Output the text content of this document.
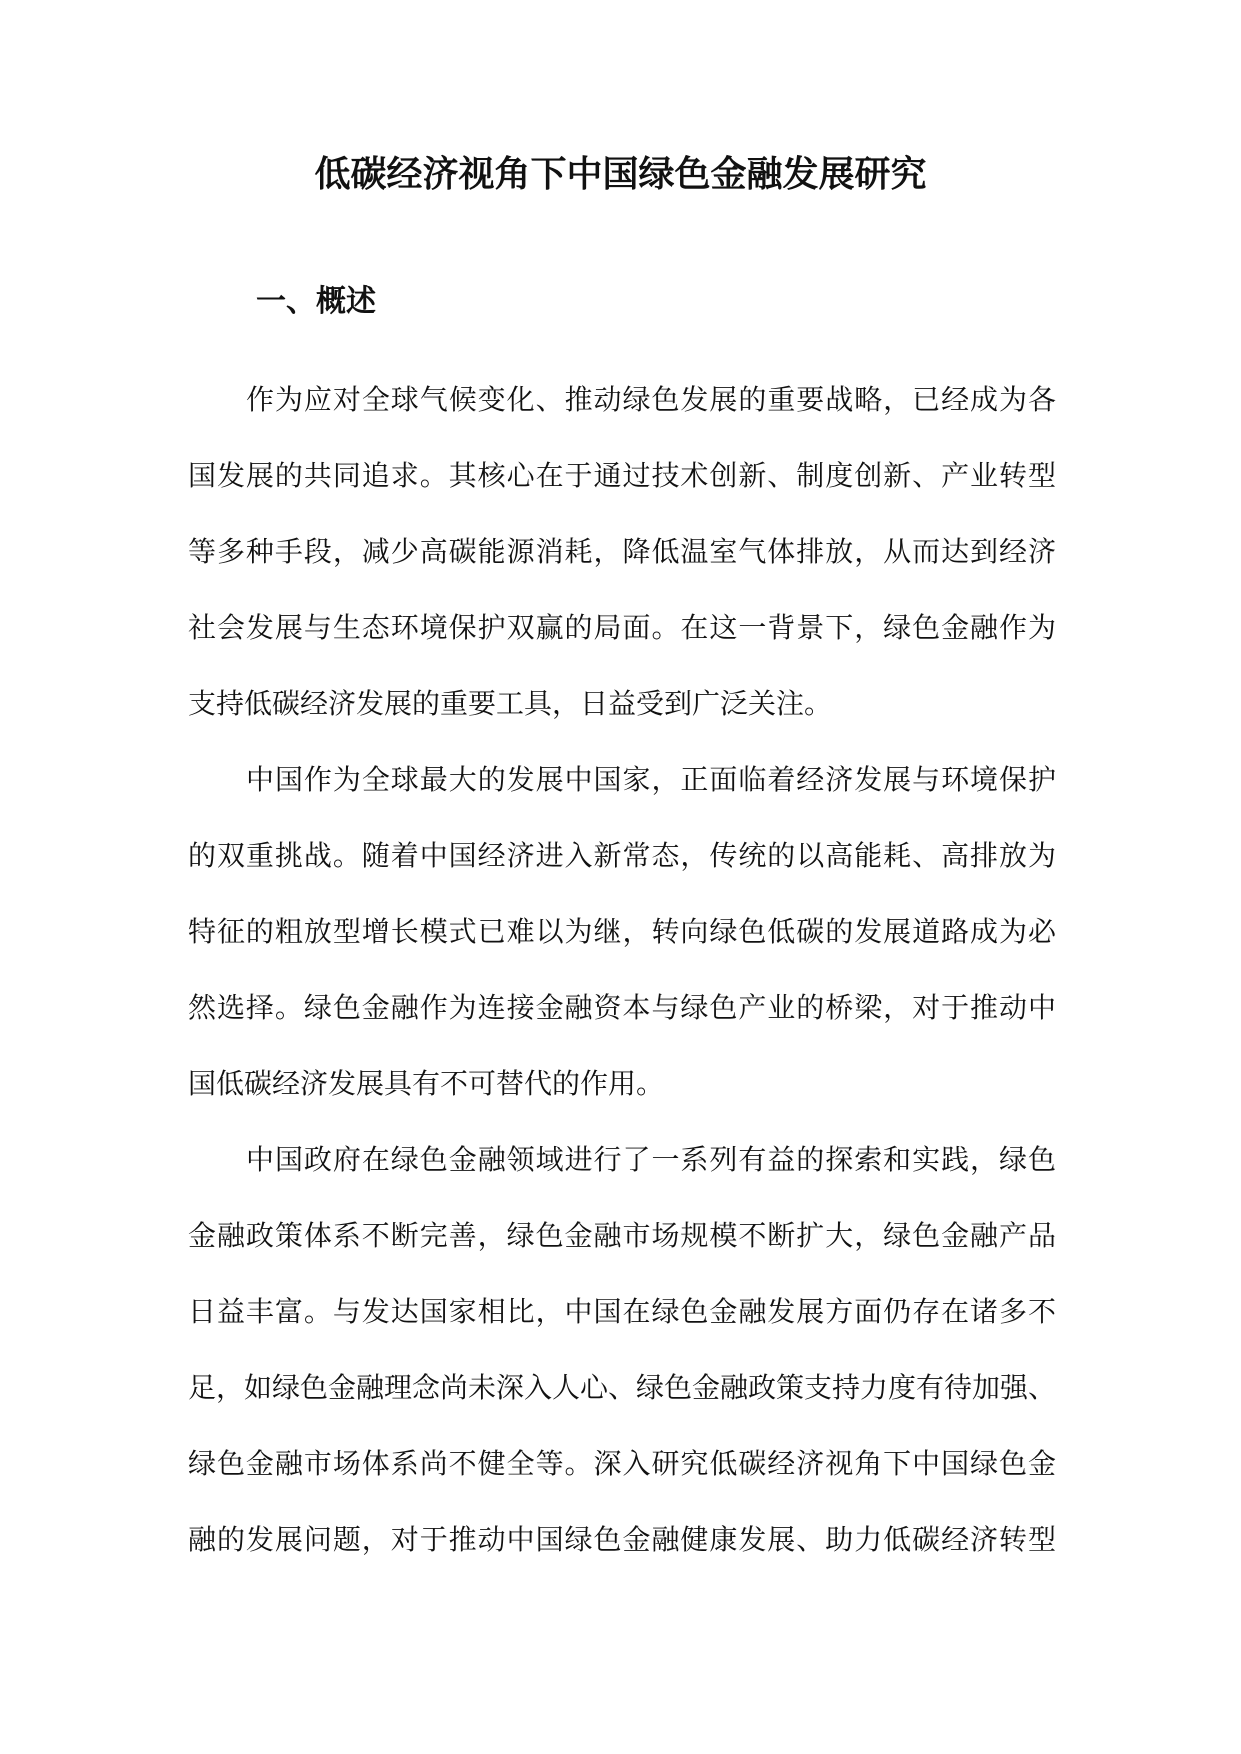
低碳经济视角下中国绿色金融发展研究
一、概述

作为应对全球气候变化、推动绿色发展的重要战略，已经成为各
国发展的共同追求。其核心在于通过技术创新、制度创新、产业转型
等多种手段，减少高碳能源消耗，降低温室气体排放，从而达到经济
社会发展与生态环境保护双赢的局面。在这一背景下，绿色金融作为
支持低碳经济发展的重要工具，日益受到广泛关注。

中国作为全球最大的发展中国家，正面临着经济发展与环境保护
的双重挑战。随着中国经济进入新常态，传统的以高能耗、高排放为
特征的粗放型增长模式已难以为继，转向绿色低碳的发展道路成为必
然选择。绿色金融作为连接金融资本与绿色产业的桥梁，对于推动中
国低碳经济发展具有不可替代的作用。

中国政府在绿色金融领域进行了一系列有益的探索和实践，绿色
金融政策体系不断完善，绿色金融市场规模不断扩大，绿色金融产品
日益丰富。与发达国家相比，中国在绿色金融发展方面仍存在诸多不
足，如绿色金融理念尚未深入人心、绿色金融政策支持力度有待加强、
绿色金融市场体系尚不健全等。深入研究低碳经济视角下中国绿色金
融的发展问题，对于推动中国绿色金融健康发展、助力低碳经济转型
